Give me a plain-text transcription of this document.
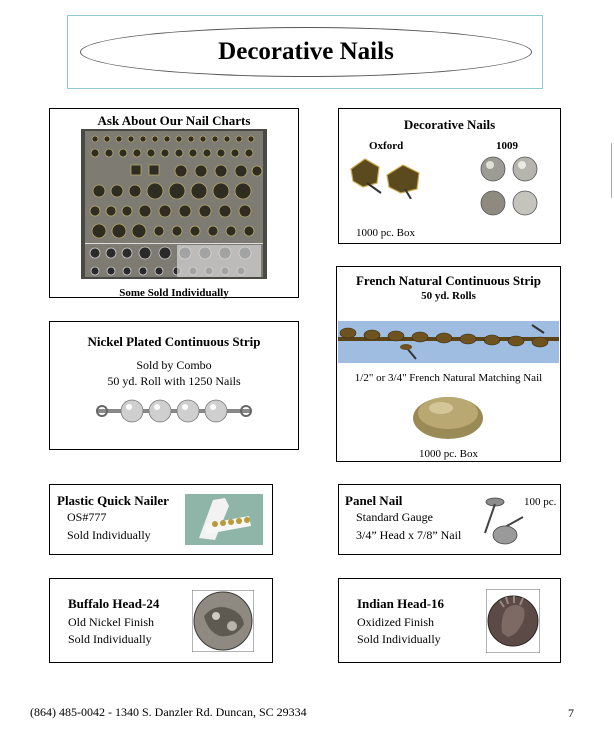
Decorative Nails
Ask About Our Nail Charts
Some Sold Individually
Decorative Nails
Oxford	1009
1000 pc. Box
Nickel Plated Continuous Strip
Sold by Combo
50 yd. Roll with 1250 Nails
French Natural Continuous Strip
50 yd. Rolls
1/2" or 3/4" French Natural Matching Nail
1000 pc. Box
Plastic Quick Nailer
OS#777
Sold Individually
Panel Nail
Standard Gauge
3/4” Head x 7/8” Nail
100 pc.
Buffalo Head-24
Old Nickel Finish
Sold Individually
Indian Head-16
Oxidized Finish
Sold Individually
(864) 485-0042 - 1340 S. Danzler Rd. Duncan, SC 29334	7
